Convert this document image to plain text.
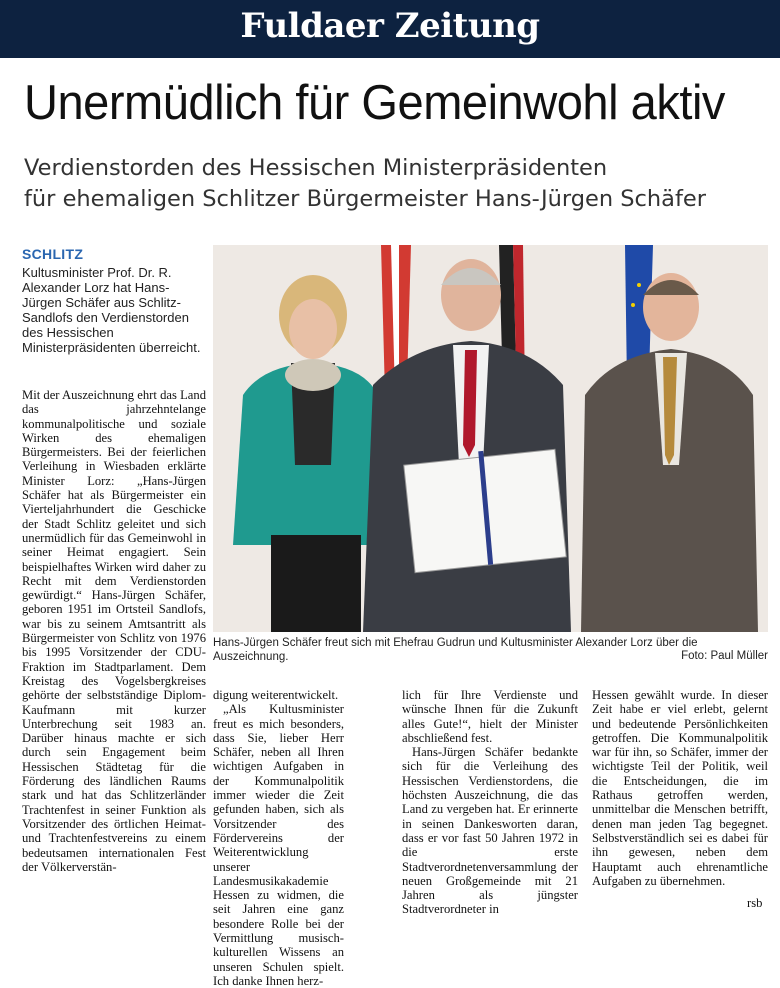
Fuldaer Zeitung
Unermüdlich für Gemeinwohl aktiv
Verdienstorden des Hessischen Ministerpräsidenten
für ehemaligen Schlitzer Bürgermeister Hans-Jürgen Schäfer
SCHLITZ
Kultusminister Prof. Dr. R. Alexander Lorz hat Hans-Jürgen Schäfer aus Schlitz-Sandlofs den Verdienstorden des Hessischen Ministerpräsidenten überreicht.

Mit der Auszeichnung ehrt das Land das jahrzehntelange kommunalpolitische und soziale Wirken des ehemaligen Bürgermeisters. Bei der feierlichen Verleihung in Wiesbaden erklärte Minister Lorz: „Hans-Jürgen Schäfer hat als Bürgermeister ein Vierteljahrhundert die Geschicke der Stadt Schlitz geleitet und sich unermüdlich für das Gemeinwohl in seiner Heimat engagiert. Sein beispielhaftes Wirken wird daher zu Recht mit dem Verdienstorden gewürdigt.“ Hans-Jürgen Schäfer, geboren 1951 im Ortsteil Sandlofs, war bis zu seinem Amtsantritt als Bürgermeister von Schlitz von 1976 bis 1995 Vorsitzender der CDU-Fraktion im Stadtparlament. Dem Kreistag des Vogelsbergkreises gehörte der selbstständige Diplom-Kaufmann mit kurzer Unterbrechung seit 1983 an. Darüber hinaus machte er sich durch sein Engagement beim Hessischen Städtetag für die Förderung des ländlichen Raums stark und hat das Schlitzerländer Trachtenfest in seiner Funktion als Vorsitzender des örtlichen Heimat- und Trachtenfestvereins zu einem bedeutsamen internationalen Fest der Völkerverstän-

digung weiterentwickelt.

„Als Kultusminister freut es mich besonders, dass Sie, lieber Herr Schäfer, neben all Ihren wichtigen Aufgaben in der Kommunalpolitik immer wieder die Zeit gefunden haben, sich als Vorsitzender des Fördervereins der Weiterentwicklung unserer Landesmusikakademie Hessen zu widmen, die seit Jahren eine ganz besondere Rolle bei der Vermittlung musisch-kulturellen Wissens an unseren Schulen spielt. Ich danke Ihnen herz-

lich für Ihre Verdienste und wünsche Ihnen für die Zukunft alles Gute!“, hielt der Minister abschließend fest.

Hans-Jürgen Schäfer bedankte sich für die Verleihung des Hessischen Verdienstordens, die höchsten Auszeichnung, die das Land zu vergeben hat. Er erinnerte in seinen Dankesworten daran, dass er vor fast 50 Jahren 1972 in die erste Stadtverordnetenversammlung der neuen Großgemeinde mit 21 Jahren als jüngster Stadtverordneter in

Hessen gewählt wurde. In dieser Zeit habe er viel erlebt, gelernt und bedeutende Persönlichkeiten getroffen. Die Kommunalpolitik war für ihn, so Schäfer, immer der wichtigste Teil der Politik, weil die Entscheidungen, die im Rathaus getroffen werden, unmittelbar die Menschen betrifft, denen man jeden Tag begegnet. Selbstverständlich sei es dabei für ihn gewesen, neben dem Hauptamt auch ehrenamtliche Aufgaben zu übernehmen.

rsb
Hans-Jürgen Schäfer freut sich mit Ehefrau Gudrun und Kultusminister Alexander Lorz über die Auszeichnung.	Foto: Paul Müller
